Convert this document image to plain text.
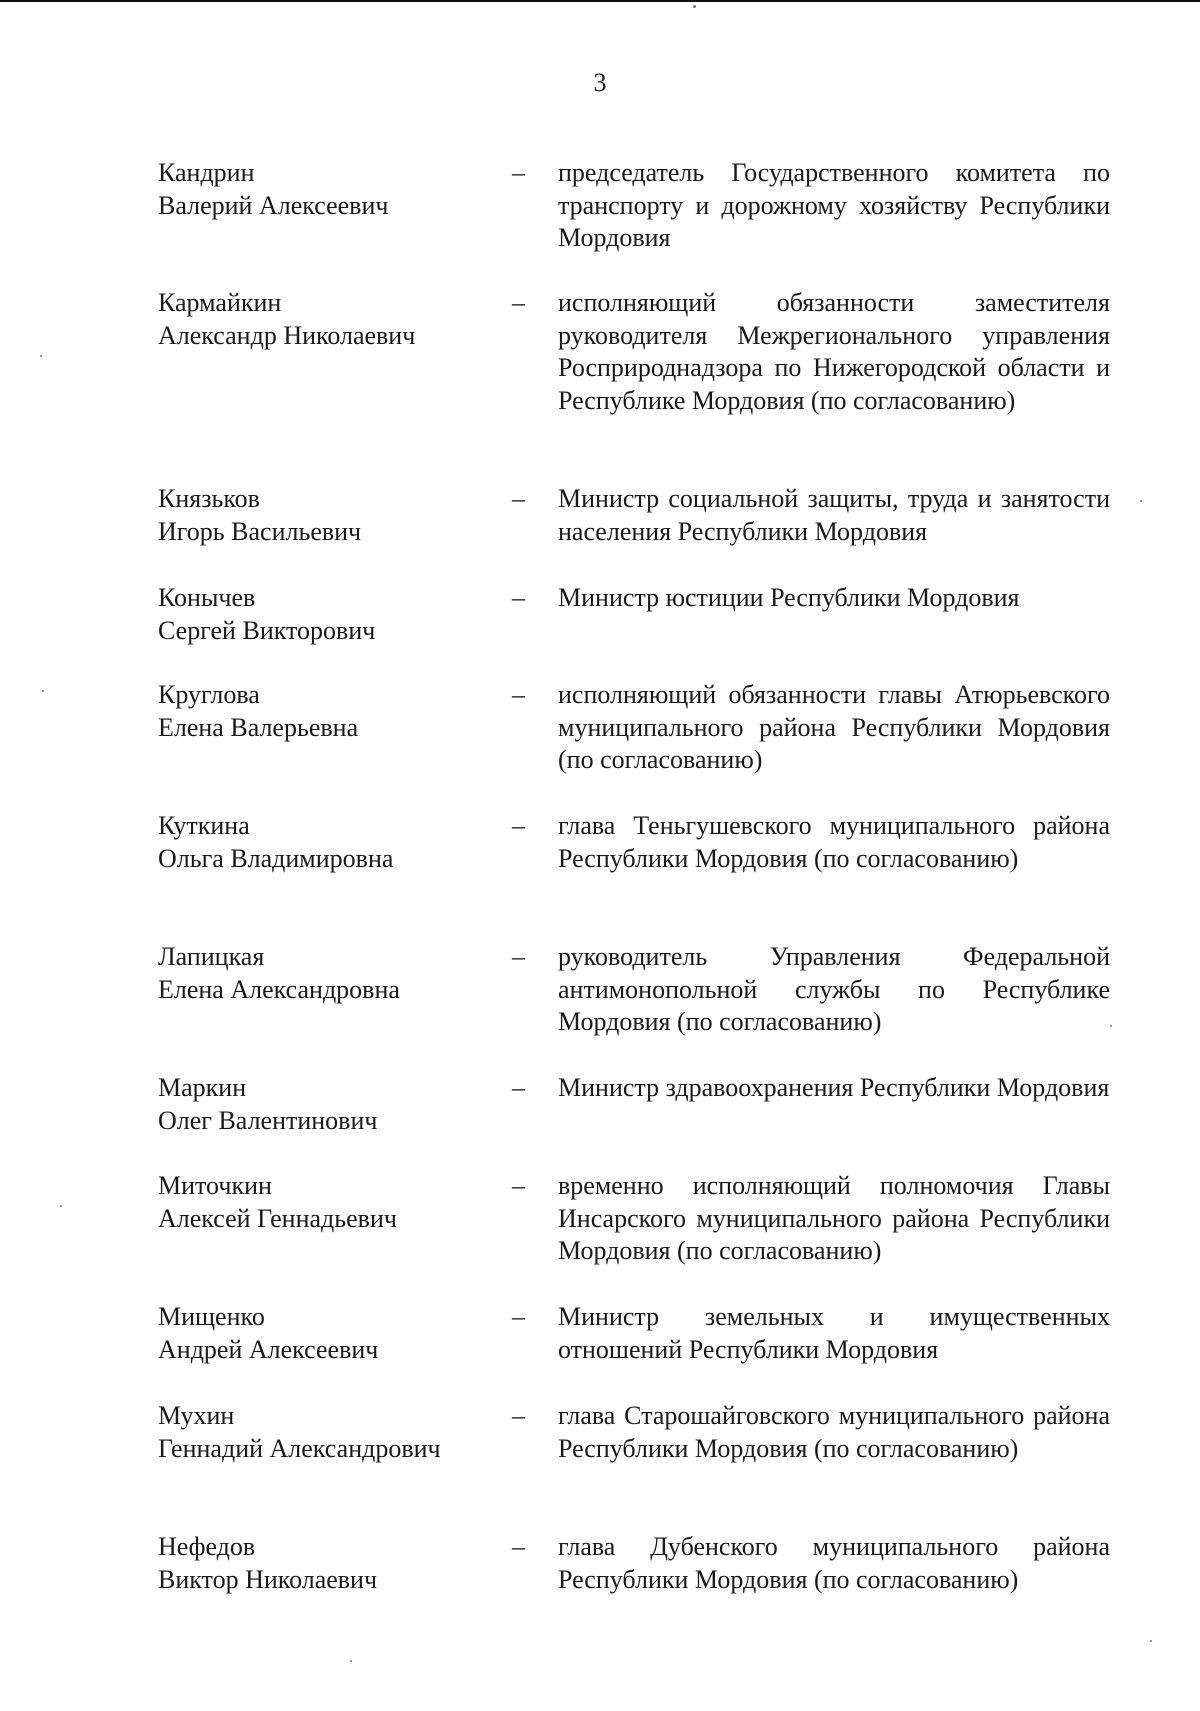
3
Кандрин
Валерий Алексеевич
– председатель Государственного комитета по транспорту и дорожному хозяйству Республики Мордовия
Кармайкин
Александр Николаевич
– исполняющий обязанности заместителя руководителя Межрегионального управления Росприроднадзора по Нижегородской области и Республике Мордовия (по согласованию)
Князьков
Игорь Васильевич
– Министр социальной защиты, труда и занятости населения Республики Мордовия
Конычев
Сергей Викторович
– Министр юстиции Республики Мордовия
Круглова
Елена Валерьевна
– исполняющий обязанности главы Атюрьевского муниципального района Республики Мордовия (по согласованию)
Куткина
Ольга Владимировна
– глава Теньгушевского муниципального района Республики Мордовия (по согласованию)
Лапицкая
Елена Александровна
– руководитель Управления Федеральной антимонопольной службы по Республике Мордовия (по согласованию)
Маркин
Олег Валентинович
– Министр здравоохранения Республики Мордовия
Миточкин
Алексей Геннадьевич
– временно исполняющий полномочия Главы Инсарского муниципального района Республики Мордовия (по согласованию)
Мищенко
Андрей Алексеевич
– Министр земельных и имущественных отношений Республики Мордовия
Мухин
Геннадий Александрович
– глава Старошайговского муниципального района Республики Мордовия (по согласованию)
Нефедов
Виктор Николаевич
– глава Дубенского муниципального района Республики Мордовия (по согласованию)
